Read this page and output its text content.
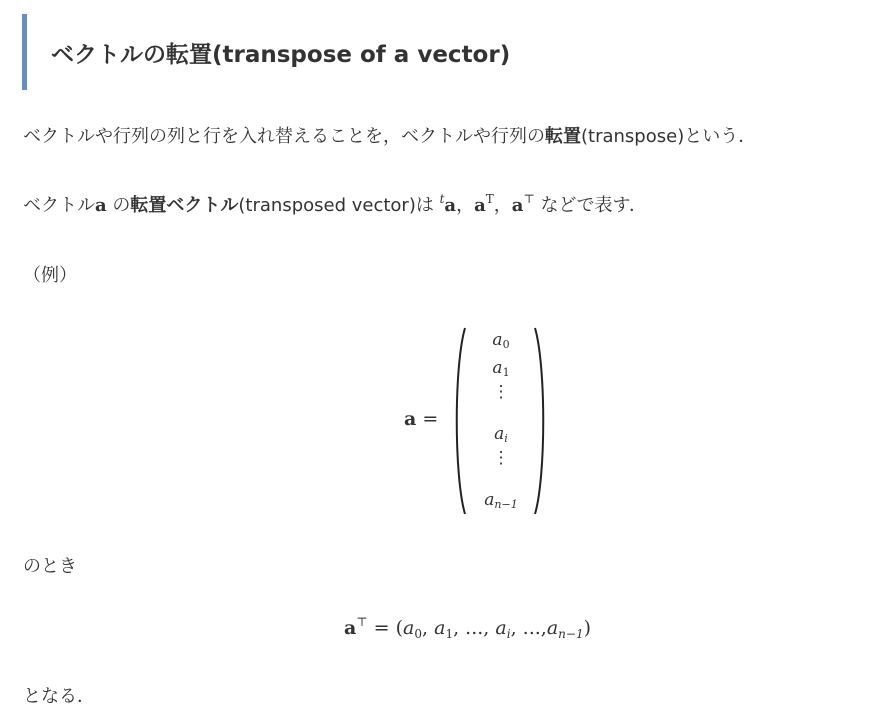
ベクトルの転置(transpose of a vector)
ベクトルや行列の列と行を入れ替えることを，ベクトルや行列の転置(transpose)という．
ベクトルa の転置ベクトル(transposed vector)は $^t$a，$a^T$，a⊤ などで表す．
（例）
a =
$a_0$
$a_1$
⋮
$a_i$
⋮
$a_{n-1}$
のとき
$a^⊤ = (a_0$, $a_1$, ..., $a_i$, $...,a_{n-1}$)
となる．
